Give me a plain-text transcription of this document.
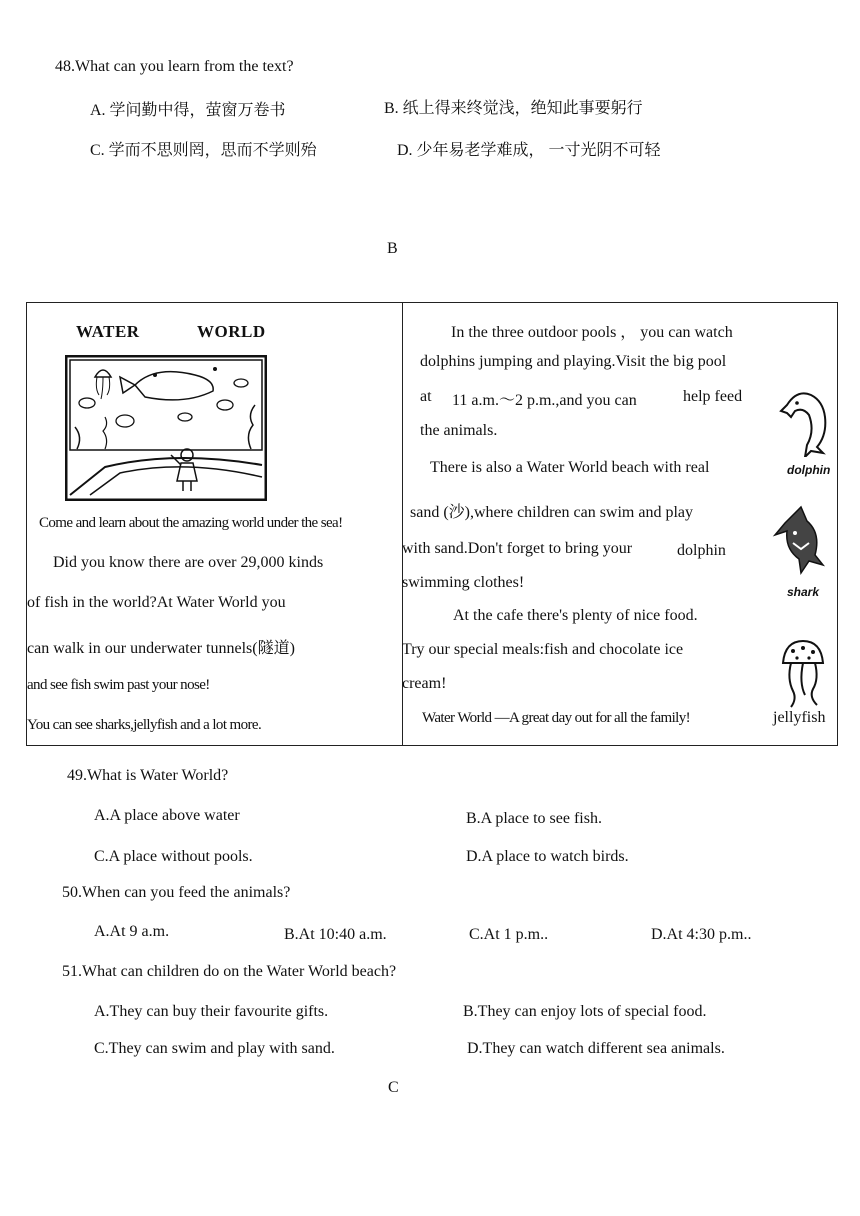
48.What can you learn from the text?
A. 学问勤中得，萤窗万卷书	B. 纸上得来终觉浅，绝知此事要躬行
C. 学而不思则罔，思而不学则殆	D. 少年易老学难成， 一寸光阴不可轻
B
WATER	WORLD
Come and learn about the amazing world under the sea!
Did you know there are over 29,000 kinds
of fish in the world?At Water World you
can walk in our underwater tunnels(隧道)
and see fish swim past your nose!
You can see sharks,jellyfish and a lot more.
In the three outdoor pools ， you can watch
dolphins jumping and playing.Visit the big pool
at 11 a.m.～2 p.m.,and you can	help feed
the animals.
There is also a Water World beach with real
sand (沙),where children can swim and play
with sand.Don't forget to bring your	dolphin
swimming clothes!
At the cafe there's plenty of nice food.
Try our special meals:fish and chocolate ice
cream!
Water World —A great day out for all the family!	jellyfish
dolphin
shark
49.What is Water World?
A.A place above water	B.A place to see fish.
C.A place without pools.	D.A place to watch birds.
50.When can you feed the animals?
A.At 9 a.m.	B.At 10:40 a.m.	C.At 1 p.m..	D.At 4:30 p.m..
51.What can children do on the Water World beach?
A.They can buy their favourite gifts.	B.They can enjoy lots of special food.
C.They can swim and play with sand.	D.They can watch different sea animals.
C
